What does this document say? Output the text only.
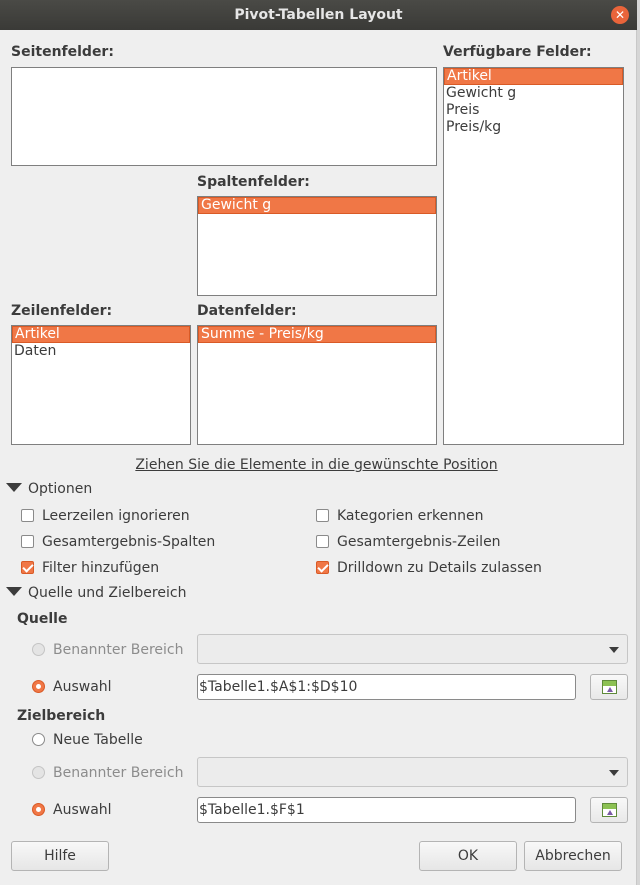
Pivot-Tabellen Layout	✕
Seitenfelder:
Spaltenfelder:
Gewicht g
Zeilenfelder:
Artikel
Daten
Datenfelder:
Summe - Preis/kg
Verfügbare Felder:
Artikel
Gewicht g
Preis
Preis/kg
Ziehen Sie die Elemente in die gewünschte Position
Optionen
Leerzeilen ignorieren	Kategorien erkennen
Gesamtergebnis-Spalten	Gesamtergebnis-Zeilen
Filter hinzufügen	Drilldown zu Details zulassen
Quelle und Zielbereich
Quelle
Benannter Bereich
Auswahl	$Tabelle1.$A$1:$D$10
Zielbereich
Neue Tabelle
Benannter Bereich
Auswahl	$Tabelle1.$F$1
Hilfe	OK	Abbrechen
